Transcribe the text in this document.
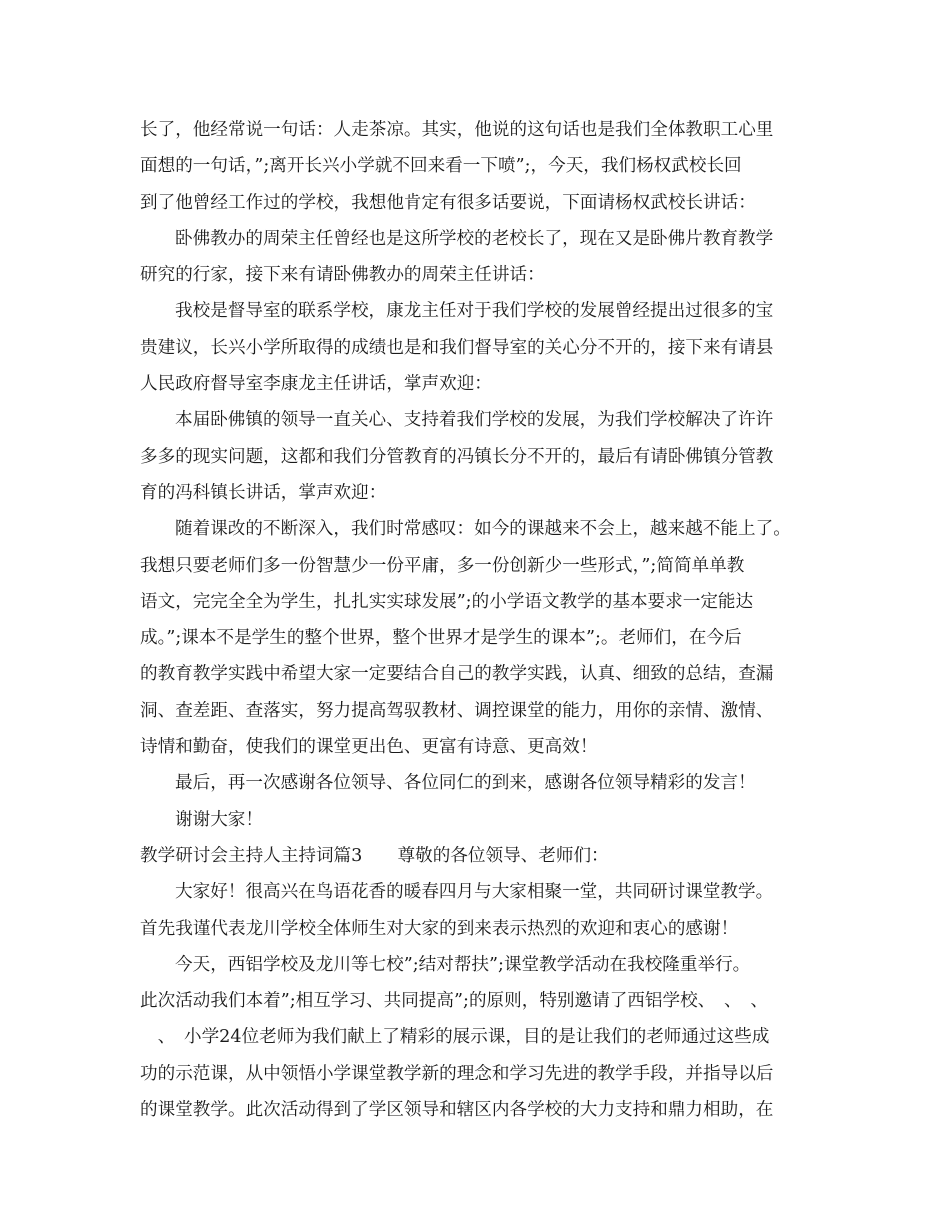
长了，他经常说一句话：人走茶凉。其实，他说的这句话也是我们全体教职工心里
面想的一句话，”;离开长兴小学就不回来看一下喷”;，今天，我们杨权武校长回
到了他曾经工作过的学校，我想他肯定有很多话要说，下面请杨权武校长讲话：
卧佛教办的周荣主任曾经也是这所学校的老校长了，现在又是卧佛片教育教学
研究的行家，接下来有请卧佛教办的周荣主任讲话：
我校是督导室的联系学校，康龙主任对于我们学校的发展曾经提出过很多的宝
贵建议，长兴小学所取得的成绩也是和我们督导室的关心分不开的，接下来有请县
人民政府督导室李康龙主任讲话，掌声欢迎：
本届卧佛镇的领导一直关心、支持着我们学校的发展，为我们学校解决了许许
多多的现实问题，这都和我们分管教育的冯镇长分不开的，最后有请卧佛镇分管教
育的冯科镇长讲话，掌声欢迎：
随着课改的不断深入，我们时常感叹：如今的课越来不会上，越来越不能上了。
我想只要老师们多一份智慧少一份平庸，多一份创新少一些形式，”;简简单单教
语文，完完全全为学生，扎扎实实球发展”;的小学语文教学的基本要求一定能达
成。”;课本不是学生的整个世界，整个世界才是学生的课本”;。老师们，在今后
的教育教学实践中希望大家一定要结合自己的教学实践，认真、细致的总结，查漏
洞、查差距、查落实，努力提高驾驭教材、调控课堂的能力，用你的亲情、激情、
诗情和勤奋，使我们的课堂更出色、更富有诗意、更高效！
最后，再一次感谢各位领导、各位同仁的到来，感谢各位领导精彩的发言！
谢谢大家！
教学研讨会主持人主持词篇3　　尊敬的各位领导、老师们：
大家好！很高兴在鸟语花香的暖春四月与大家相聚一堂，共同研讨课堂教学。
首先我谨代表龙川学校全体师生对大家的到来表示热烈的欢迎和衷心的感谢！
今天，西铝学校及龙川等七校”;结对帮扶”;课堂教学活动在我校隆重举行。
此次活动我们本着”;相互学习、共同提高”;的原则，特别邀请了西铝学校、　、　、
　、　小学24位老师为我们献上了精彩的展示课，目的是让我们的老师通过这些成
功的示范课，从中领悟小学课堂教学新的理念和学习先进的教学手段，并指导以后
的课堂教学。此次活动得到了学区领导和辖区内各学校的大力支持和鼎力相助，在
